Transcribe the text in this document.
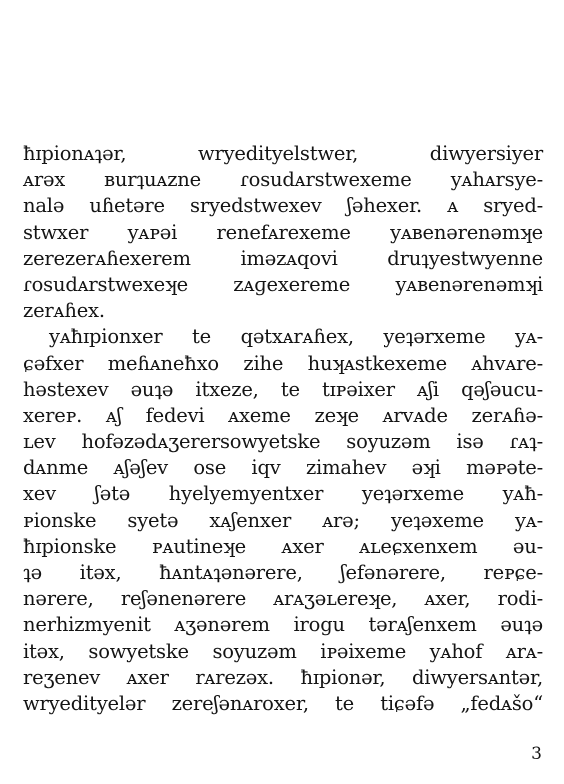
ħɪpionᴀʇər, wryedityelstwer, diwyersiyer
ᴀrəx ʙurʇuᴀzne ɾosudᴀrstwexeme yᴀhᴀrsye-
nalə uɦetəre sryedstwexev ʃəhexer. ᴀ sryed-
stwxer yᴀᴘəi renefᴀrexeme yᴀʙenərenəmʞe
zerezerᴀɦexerem iməzᴀqovi druʇyestwyenne
ɾosudᴀrstwexeʞe zᴀɡexereme yᴀʙenərenəmʞi
zerᴀɦex.
yᴀħɪpionxer te qətxᴀrᴀɦex, yeʇərxeme yᴀ-
ɕəfxer meɦᴀneħxo zihe huʞᴀstkexeme ᴀhvᴀre-
həstexev əuʇə itxeze, te tɪᴘəixer ᴀʃi qəʃəucu-
xereᴘ. ᴀʃ fedevi ᴀxeme zeʞe ᴀrvᴀde zerᴀɦə-
ʟev hofəzədᴀʒerersowyetske soyuzəm isə ɾᴀʇ-
dᴀnme ᴀʃəʃev ose iqv zimahev əʞi məᴘəte-
xev ʃətə hyelyemyentxer yeʇərxeme yᴀħ-
ᴘionske syetə xᴀʃenxer ᴀrə; yeʇəxeme yᴀ-
ħɪpionske ᴘᴀutineʞe ᴀxer ᴀʟeɕxenxem əu-
ʇə itəx, ħᴀntᴀʇənərere, ʃefənərere, reᴘɕe-
nərere, reʃənenərere ᴀrᴀʒəʟereʞe, ᴀxer, rodi-
nerhizmyenit ᴀʒənərem irogu tərᴀʃenxem əuʇə
itəx, sowyetske soyuzəm iᴘəixeme yᴀhof ᴀrᴀ-
reʒenev ᴀxer rᴀrezəx. ħɪpionər, diwyersᴀntər,
wryedityelər zereʃənᴀroxer, te tiɕəfə „fedᴀšo“
3
